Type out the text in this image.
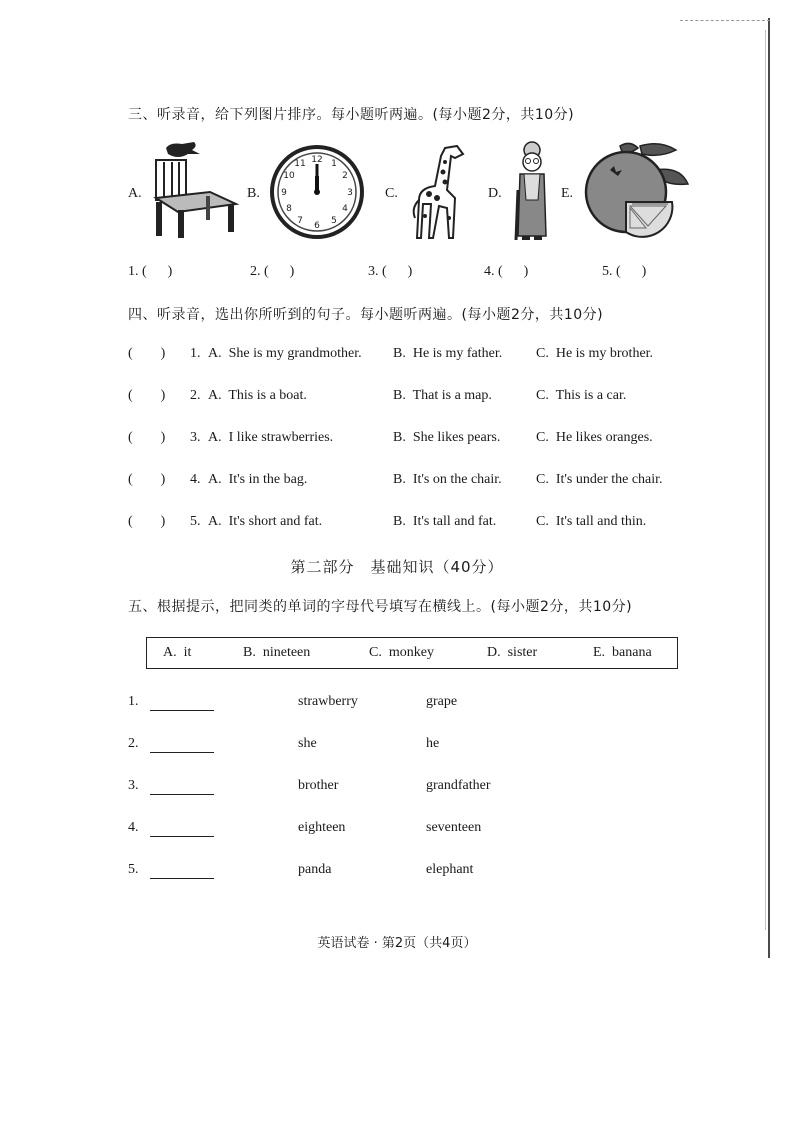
三、听录音，给下列图片排序。每小题听两遍。(每小题2分，共10分)
A.	B.
12 1
2
3
4
5
6
7
8
9
10
11
C.	D.	E.
1. (      )	2. (      )	3. (      )	4. (      )	5. (      )
四、听录音，选出你所听到的句子。每小题听两遍。(每小题2分，共10分)
(        ) 1. A.  She is my grandmother. B.  He is my father. C.  He is my brother.
(        ) 2. A.  This is a boat.	B.  That is a map.	C.  This is a car.
(        ) 3. A.  I like strawberries.	B.  She likes pears.	C.  He likes oranges.
(        ) 4. A.  It's in the bag.	B.  It's on the chair. C.  It's under the chair.
(        ) 5. A.  It's short and fat.	B.  It's tall and fat.	C.  It's tall and thin.
第二部分　基础知识（40分）
五、根据提示，把同类的单词的字母代号填写在横线上。(每小题2分，共10分)
A.  it	B.  nineteen	C.  monkey	D.  sister	E.  banana
1.	strawberry	grape
2.	she	he
3.	brother	grandfather
4.	eighteen	seventeen
5.	panda	elephant
英语试卷 · 第2页（共4页）
